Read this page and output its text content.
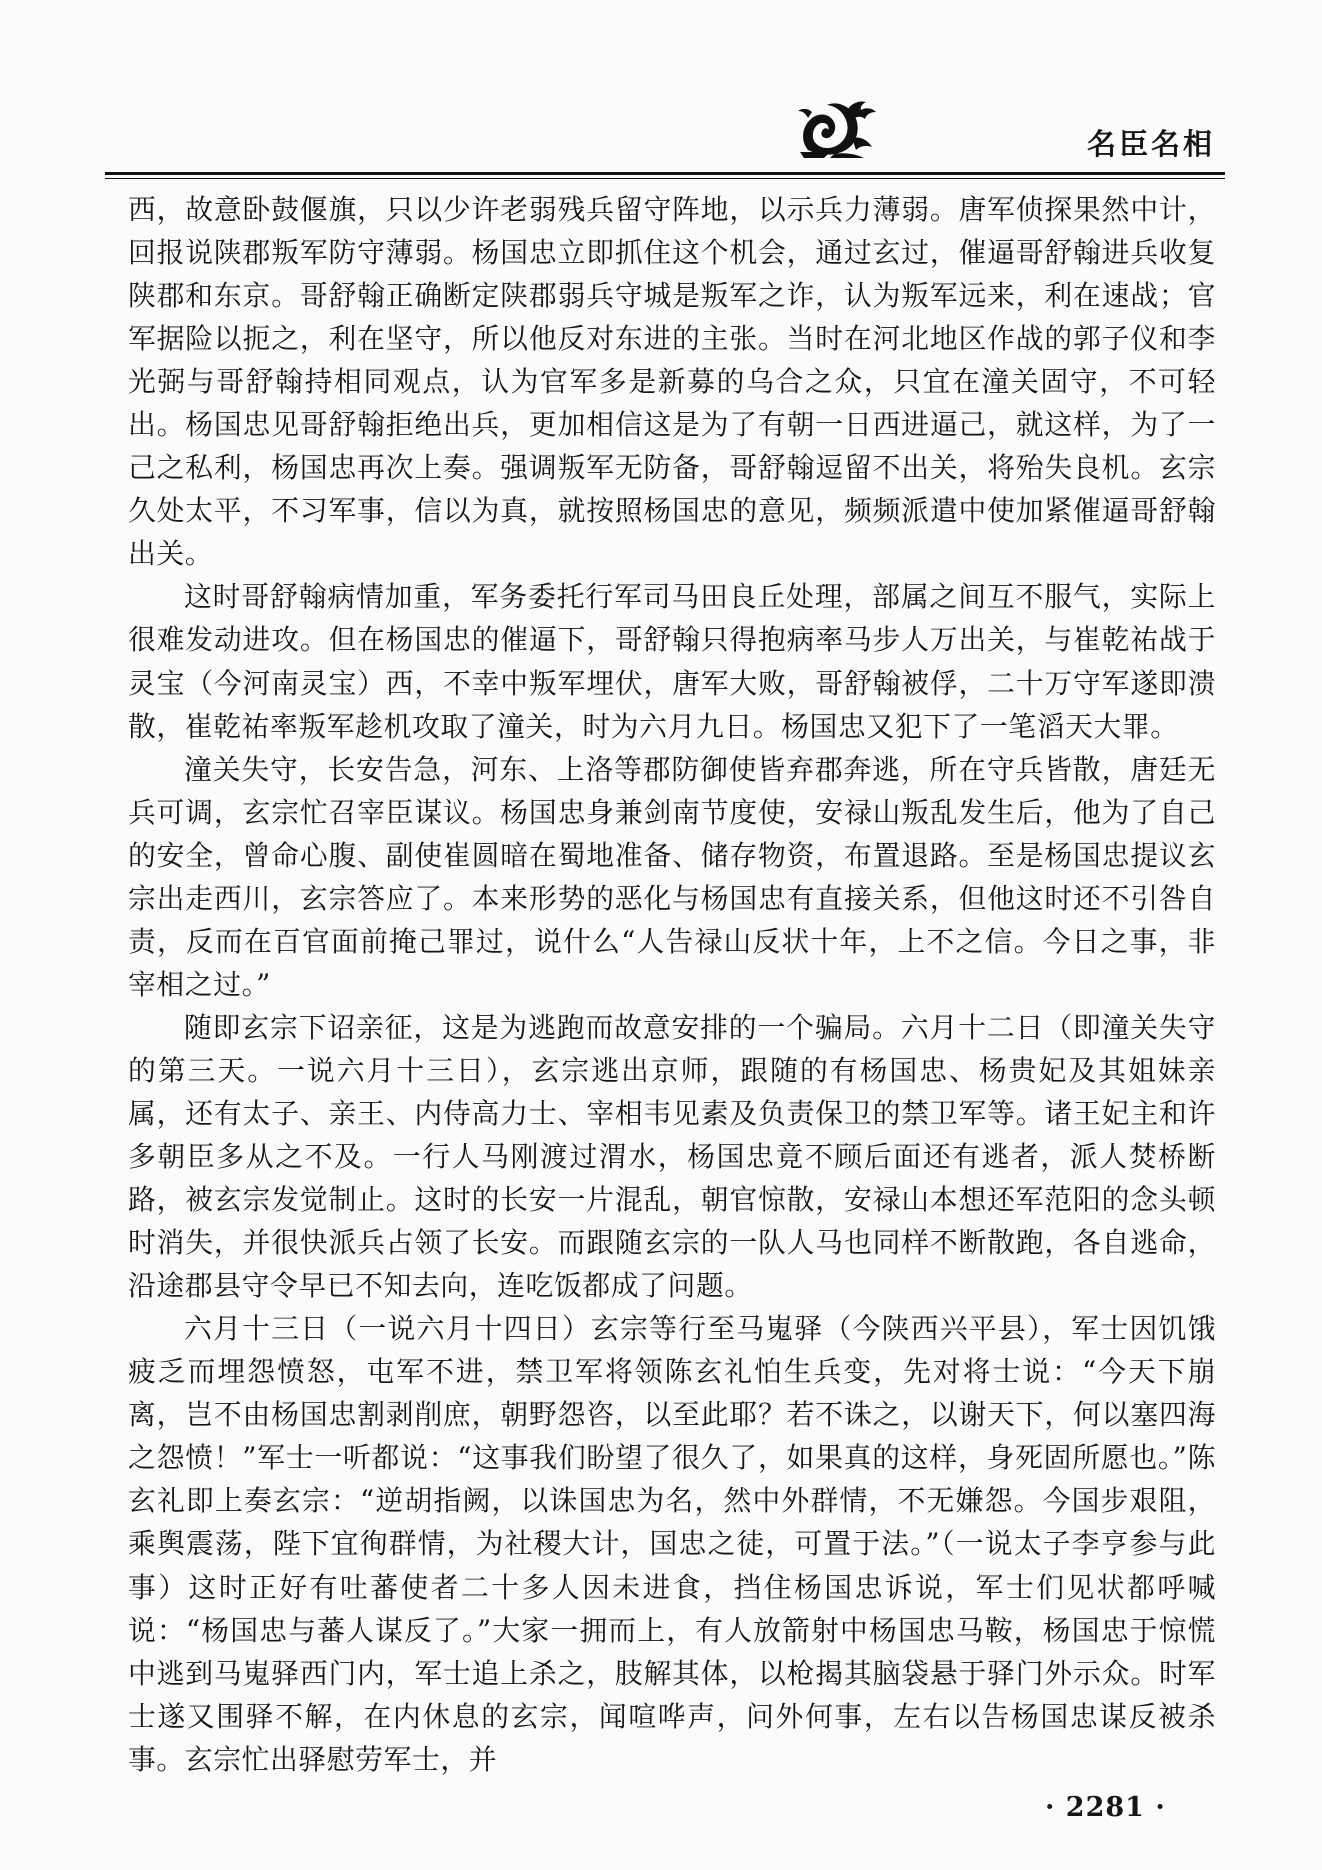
名臣名相

西，故意卧鼓偃旗，只以少许老弱残兵留守阵地，以示兵力薄弱。唐军侦探果然中计，回报说陕郡叛军防守薄弱。杨国忠立即抓住这个机会，通过玄过，催逼哥舒翰进兵收复陕郡和东京。哥舒翰正确断定陕郡弱兵守城是叛军之诈，认为叛军远来，利在速战；官军据险以扼之，利在坚守，所以他反对东进的主张。当时在河北地区作战的郭子仪和李光弼与哥舒翰持相同观点，认为官军多是新募的乌合之众，只宜在潼关固守，不可轻出。杨国忠见哥舒翰拒绝出兵，更加相信这是为了有朝一日西进逼己，就这样，为了一己之私利，杨国忠再次上奏。强调叛军无防备，哥舒翰逗留不出关，将殆失良机。玄宗久处太平，不习军事，信以为真，就按照杨国忠的意见，频频派遣中使加紧催逼哥舒翰出关。

这时哥舒翰病情加重，军务委托行军司马田良丘处理，部属之间互不服气，实际上很难发动进攻。但在杨国忠的催逼下，哥舒翰只得抱病率马步人万出关，与崔乾祐战于灵宝（今河南灵宝）西，不幸中叛军埋伏，唐军大败，哥舒翰被俘，二十万守军遂即溃散，崔乾祐率叛军趁机攻取了潼关，时为六月九日。杨国忠又犯下了一笔滔天大罪。

潼关失守，长安告急，河东、上洛等郡防御使皆弃郡奔逃，所在守兵皆散，唐廷无兵可调，玄宗忙召宰臣谋议。杨国忠身兼剑南节度使，安禄山叛乱发生后，他为了自己的安全，曾命心腹、副使崔圆暗在蜀地准备、储存物资，布置退路。至是杨国忠提议玄宗出走西川，玄宗答应了。本来形势的恶化与杨国忠有直接关系，但他这时还不引咎自责，反而在百官面前掩己罪过，说什么“人告禄山反状十年，上不之信。今日之事，非宰相之过。”

随即玄宗下诏亲征，这是为逃跑而故意安排的一个骗局。六月十二日（即潼关失守的第三天。一说六月十三日），玄宗逃出京师，跟随的有杨国忠、杨贵妃及其姐妹亲属，还有太子、亲王、内侍高力士、宰相韦见素及负责保卫的禁卫军等。诸王妃主和许多朝臣多从之不及。一行人马刚渡过渭水，杨国忠竟不顾后面还有逃者，派人焚桥断路，被玄宗发觉制止。这时的长安一片混乱，朝官惊散，安禄山本想还军范阳的念头顿时消失，并很快派兵占领了长安。而跟随玄宗的一队人马也同样不断散跑，各自逃命，沿途郡县守令早已不知去向，连吃饭都成了问题。

六月十三日（一说六月十四日）玄宗等行至马嵬驿（今陕西兴平县），军士因饥饿疲乏而埋怨愤怒，屯军不进，禁卫军将领陈玄礼怕生兵变，先对将士说：“今天下崩离，岂不由杨国忠割剥削庶，朝野怨咨，以至此耶？若不诛之，以谢天下，何以塞四海之怨愤！”军士一听都说：“这事我们盼望了很久了，如果真的这样，身死固所愿也。”陈玄礼即上奏玄宗：“逆胡指阙，以诛国忠为名，然中外群情，不无嫌怨。今国步艰阻，乘舆震荡，陛下宜徇群情，为社稷大计，国忠之徒，可置于法。”（一说太子李亨参与此事）这时正好有吐蕃使者二十多人因未进食，挡住杨国忠诉说，军士们见状都呼喊说：“杨国忠与蕃人谋反了。”大家一拥而上，有人放箭射中杨国忠马鞍，杨国忠于惊慌中逃到马嵬驿西门内，军士追上杀之，肢解其体，以枪揭其脑袋悬于驿门外示众。时军士遂又围驿不解，在内休息的玄宗，闻喧哗声，问外何事，左右以告杨国忠谋反被杀事。玄宗忙出驿慰劳军士，并

· 2281 ·
